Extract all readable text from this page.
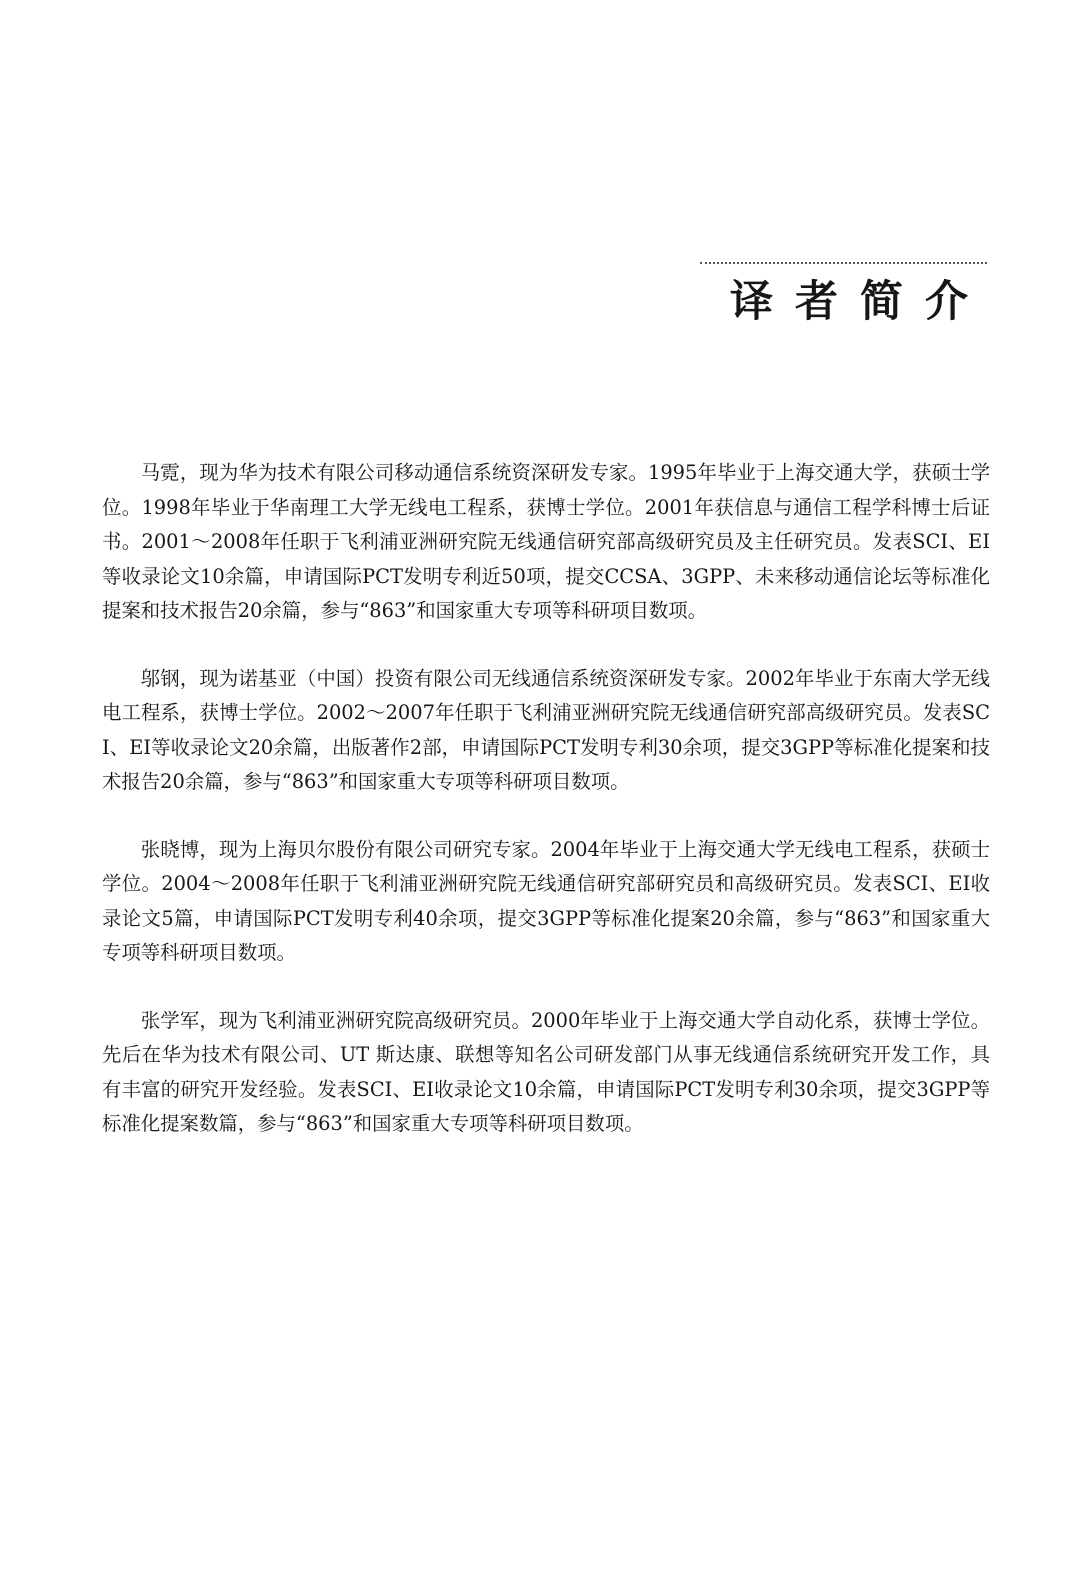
译者简介

马霓，现为华为技术有限公司移动通信系统资深研发专家。1995年毕业于上海交通大学，获硕士学位。1998年毕业于华南理工大学无线电工程系，获博士学位。2001年获信息与通信工程学科博士后证书。2001～2008年任职于飞利浦亚洲研究院无线通信研究部高级研究员及主任研究员。发表SCI、EI等收录论文10余篇，申请国际PCT发明专利近50项，提交CCSA、3GPP、未来移动通信论坛等标准化提案和技术报告20余篇，参与“863”和国家重大专项等科研项目数项。

邬钢，现为诺基亚（中国）投资有限公司无线通信系统资深研发专家。2002年毕业于东南大学无线电工程系，获博士学位。2002～2007年任职于飞利浦亚洲研究院无线通信研究部高级研究员。发表SCI、EI等收录论文20余篇，出版著作2部，申请国际PCT发明专利30余项，提交3GPP等标准化提案和技术报告20余篇，参与“863”和国家重大专项等科研项目数项。

张晓博，现为上海贝尔股份有限公司研究专家。2004年毕业于上海交通大学无线电工程系，获硕士学位。2004～2008年任职于飞利浦亚洲研究院无线通信研究部研究员和高级研究员。发表SCI、EI收录论文5篇，申请国际PCT发明专利40余项，提交3GPP等标准化提案20余篇，参与“863”和国家重大专项等科研项目数项。

张学军，现为飞利浦亚洲研究院高级研究员。2000年毕业于上海交通大学自动化系，获博士学位。先后在华为技术有限公司、UT 斯达康、联想等知名公司研发部门从事无线通信系统研究开发工作，具有丰富的研究开发经验。发表SCI、EI收录论文10余篇，申请国际PCT发明专利30余项，提交3GPP等标准化提案数篇，参与“863”和国家重大专项等科研项目数项。
